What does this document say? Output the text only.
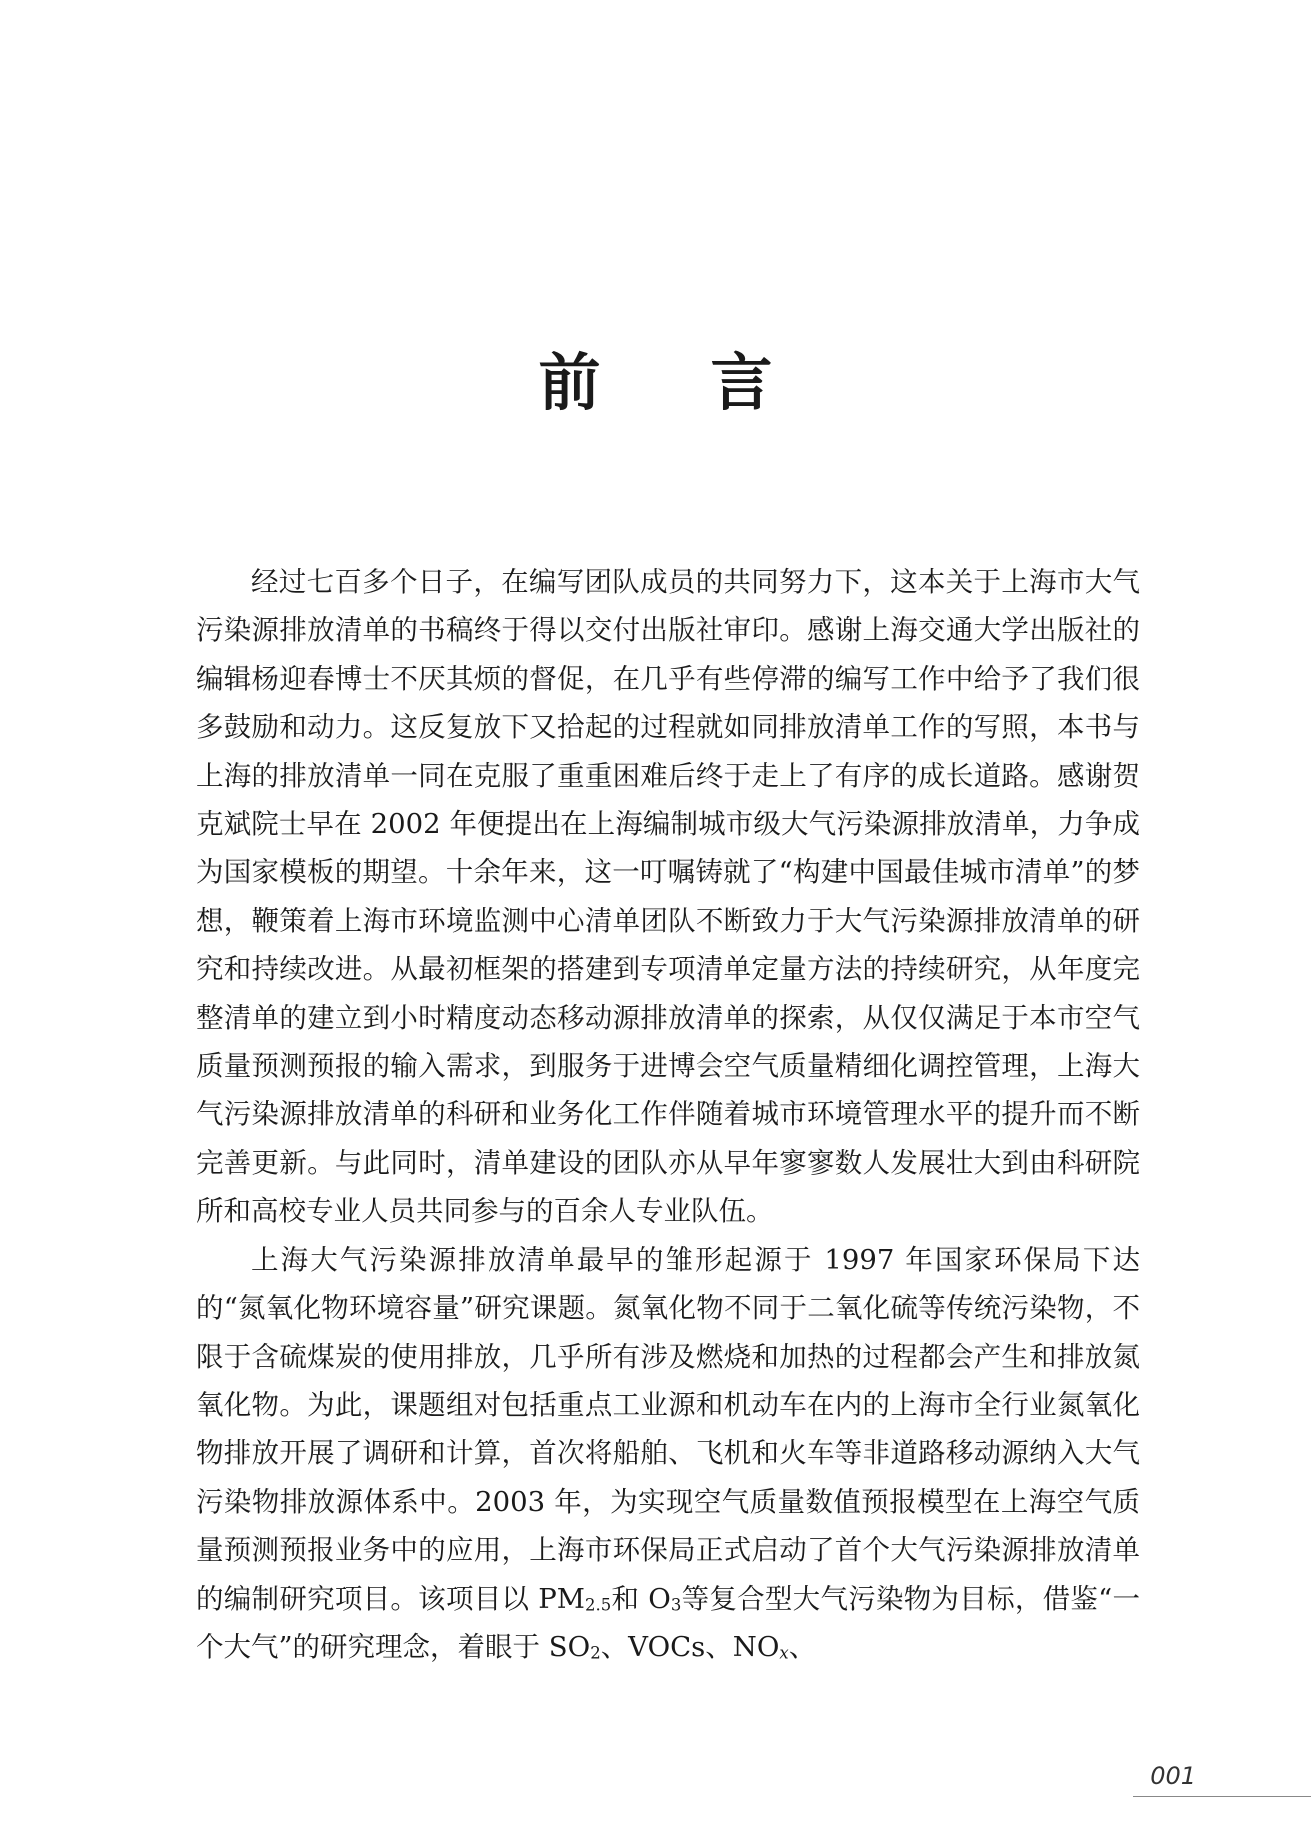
前言

经过七百多个日子，在编写团队成员的共同努力下，这本关于上海市大气污染源排放清单的书稿终于得以交付出版社审印。感谢上海交通大学出版社的编辑杨迎春博士不厌其烦的督促，在几乎有些停滞的编写工作中给予了我们很多鼓励和动力。这反复放下又拾起的过程就如同排放清单工作的写照，本书与上海的排放清单一同在克服了重重困难后终于走上了有序的成长道路。感谢贺克斌院士早在 2002 年便提出在上海编制城市级大气污染源排放清单，力争成为国家模板的期望。十余年来，这一叮嘱铸就了“构建中国最佳城市清单”的梦想，鞭策着上海市环境监测中心清单团队不断致力于大气污染源排放清单的研究和持续改进。从最初框架的搭建到专项清单定量方法的持续研究，从年度完整清单的建立到小时精度动态移动源排放清单的探索，从仅仅满足于本市空气质量预测预报的输入需求，到服务于进博会空气质量精细化调控管理，上海大气污染源排放清单的科研和业务化工作伴随着城市环境管理水平的提升而不断完善更新。与此同时，清单建设的团队亦从早年寥寥数人发展壮大到由科研院所和高校专业人员共同参与的百余人专业队伍。

上海大气污染源排放清单最早的雏形起源于 1997 年国家环保局下达的“氮氧化物环境容量”研究课题。氮氧化物不同于二氧化硫等传统污染物，不限于含硫煤炭的使用排放，几乎所有涉及燃烧和加热的过程都会产生和排放氮氧化物。为此，课题组对包括重点工业源和机动车在内的上海市全行业氮氧化物排放开展了调研和计算，首次将船舶、飞机和火车等非道路移动源纳入大气污染物排放源体系中。2003 年，为实现空气质量数值预报模型在上海空气质量预测预报业务中的应用，上海市环保局正式启动了首个大气污染源排放清单的编制研究项目。该项目以 $PM_{2.5}$和 $O_3$等复合型大气污染物为目标，借鉴“一个大气”的研究理念，着眼于 $SO_2$、VOCs、$NO_x$、

001
